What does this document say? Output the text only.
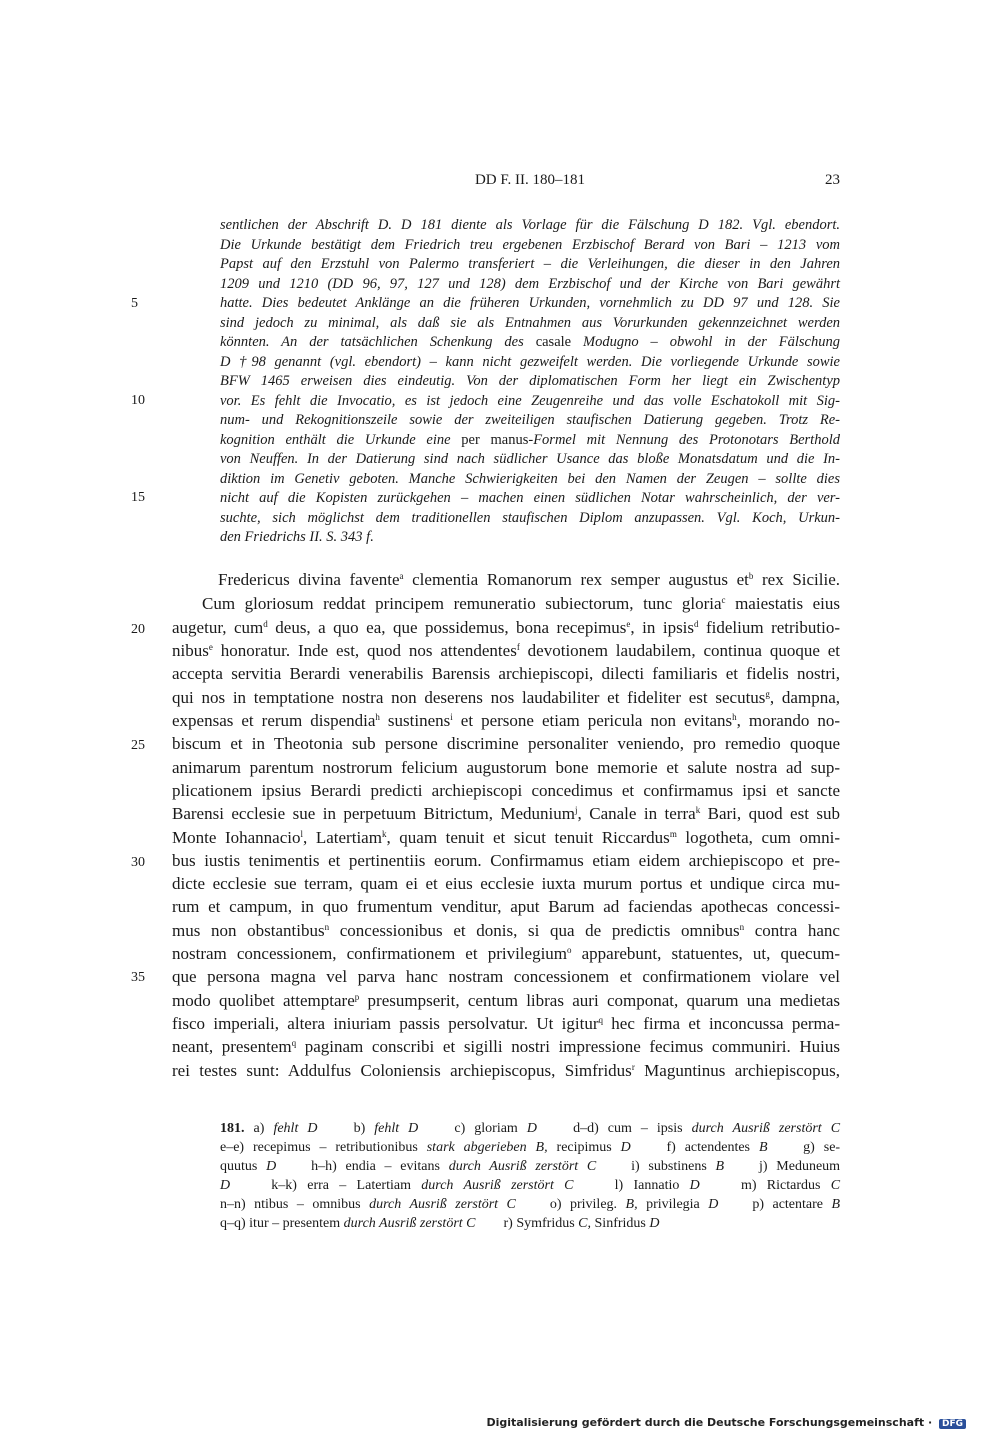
DD F. II. 180–181	23
sentlichen der Abschrift D. D 181 diente als Vorlage für die Fälschung D 182. Vgl. ebendort.
Die Urkunde bestätigt dem Friedrich treu ergebenen Erzbischof Berard von Bari – 1213 vom
Papst auf den Erzstuhl von Palermo transferiert – die Verleihungen, die dieser in den Jahren
1209 und 1210 (DD 96, 97, 127 und 128) dem Erzbischof und der Kirche von Bari gewährt
hatte. Dies bedeutet Anklänge an die früheren Urkunden, vornehmlich zu DD 97 und 128. Sie
sind jedoch zu minimal, als daß sie als Entnahmen aus Vorurkunden gekennzeichnet werden
könnten. An der tatsächlichen Schenkung des casale Modugno – obwohl in der Fälschung
D †98 genannt (vgl. ebendort) – kann nicht gezweifelt werden. Die vorliegende Urkunde sowie
BFW 1465 erweisen dies eindeutig. Von der diplomatischen Form her liegt ein Zwischentyp
vor. Es fehlt die Invocatio, es ist jedoch eine Zeugenreihe und das volle Eschatokoll mit Sig-
num- und Rekognitionszeile sowie der zweiteiligen staufischen Datierung gegeben. Trotz Re-
kognition enthält die Urkunde eine per manus-Formel mit Nennung des Protonotars Berthold
von Neuffen. In der Datierung sind nach südlicher Usance das bloße Monatsdatum und die In-
diktion im Genetiv geboten. Manche Schwierigkeiten bei den Namen der Zeugen – sollte dies
nicht auf die Kopisten zurückgehen – machen einen südlichen Notar wahrscheinlich, der ver-
suchte, sich möglichst dem traditionellen staufischen Diplom anzupassen. Vgl. Koch, Urkun-
den Friedrichs II. S. 343 f.
5
10
15
20
25
30
35
Fredericus divina favente$^a$ clementia Romanorum rex semper augustus $et^b$ rex Sicilie.
Cum gloriosum reddat principem remuneratio subiectorum, tunc gloria$^c$ maiestatis eius
augetur, cum$^d$ deus, a quo ea, que possidemus, bona recepimus$^e$, in ipsis$^d$ fidelium retributio-
nibus$^e$ honoratur. Inde est, quod nos attendentes$^f$ devotionem laudabilem, continua quoque et
accepta servitia Berardi venerabilis Barensis archiepiscopi, dilecti familiaris et fidelis nostri,
qui nos in temptatione nostra non deserens nos laudabiliter et fideliter est secutus$^g$, dampna,
expensas et rerum dispendia$^h$ sustinens$^i$ et persone etiam pericula non evitans$^h$, morando no-
biscum et in Theotonia sub persone discrimine personaliter veniendo, pro remedio quoque
animarum parentum nostrorum felicium augustorum bone memorie et salute nostra ad sup-
plicationem ipsius Berardi predicti archiepiscopi concedimus et confirmamus ipsi et sancte
Barensi ecclesie sue in perpetuum Bitrictum, Medunium$^j$, Canale in terra$^k$ Bari, quod est sub
Monte Iohannacio$^l$, Latertiam$^k$, quam tenuit et sicut tenuit Riccardus$^m$ logotheta, cum omni-
bus iustis tenimentis et pertinentiis eorum. Confirmamus etiam eidem archiepiscopo et pre-
dicte ecclesie sue terram, quam ei et eius ecclesie iuxta murum portus et undique circa mu-
rum et campum, in quo frumentum venditur, aput Barum ad faciendas apothecas concessi-
mus non obstantibus$^n$ concessionibus et donis, si qua de predictis omnibus$^n$ contra hanc
nostram concessionem, confirmationem et privilegium$^o$ apparebunt, statuentes, ut, quecum-
que persona magna vel parva hanc nostram concessionem et confirmationem violare vel
modo quolibet attemptare$^p$ presumpserit, centum libras auri componat, quarum una medietas
fisco imperiali, altera iniuriam passis persolvatur. Ut igitur$^q$ hec firma et inconcussa perma-
neant, presentem$^q$ paginam conscribi et sigilli nostri impressione fecimus communiri. Huius
rei testes sunt: Addulfus Coloniensis archiepiscopus, Simfridus$^r$ Maguntinus archiepiscopus,
181. a) fehlt D	b) fehlt D	c) gloriam D	d–d) cum – ipsis durch Ausriß zerstört C
e–e) recepimus – retributionibus stark abgerieben B, recipimus D	f) actendentes B	g) se-
quutus D h–h) endia – evitans durch Ausriß zerstört C i) substinens B j) Meduneum
D	k–k) erra – Latertiam durch Ausriß zerstört C	l) Iannatio D	m) Rictardus C
n–n) ntibus – omnibus durch Ausriß zerstört C o) privileg. B, privilegia D p) actentare B
q–q) itur – presentem durch Ausriß zerstört C r) Symfridus C, Sinfridus D
Digitalisierung gefördert durch die Deutsche Forschungsgemeinschaft · DFG
